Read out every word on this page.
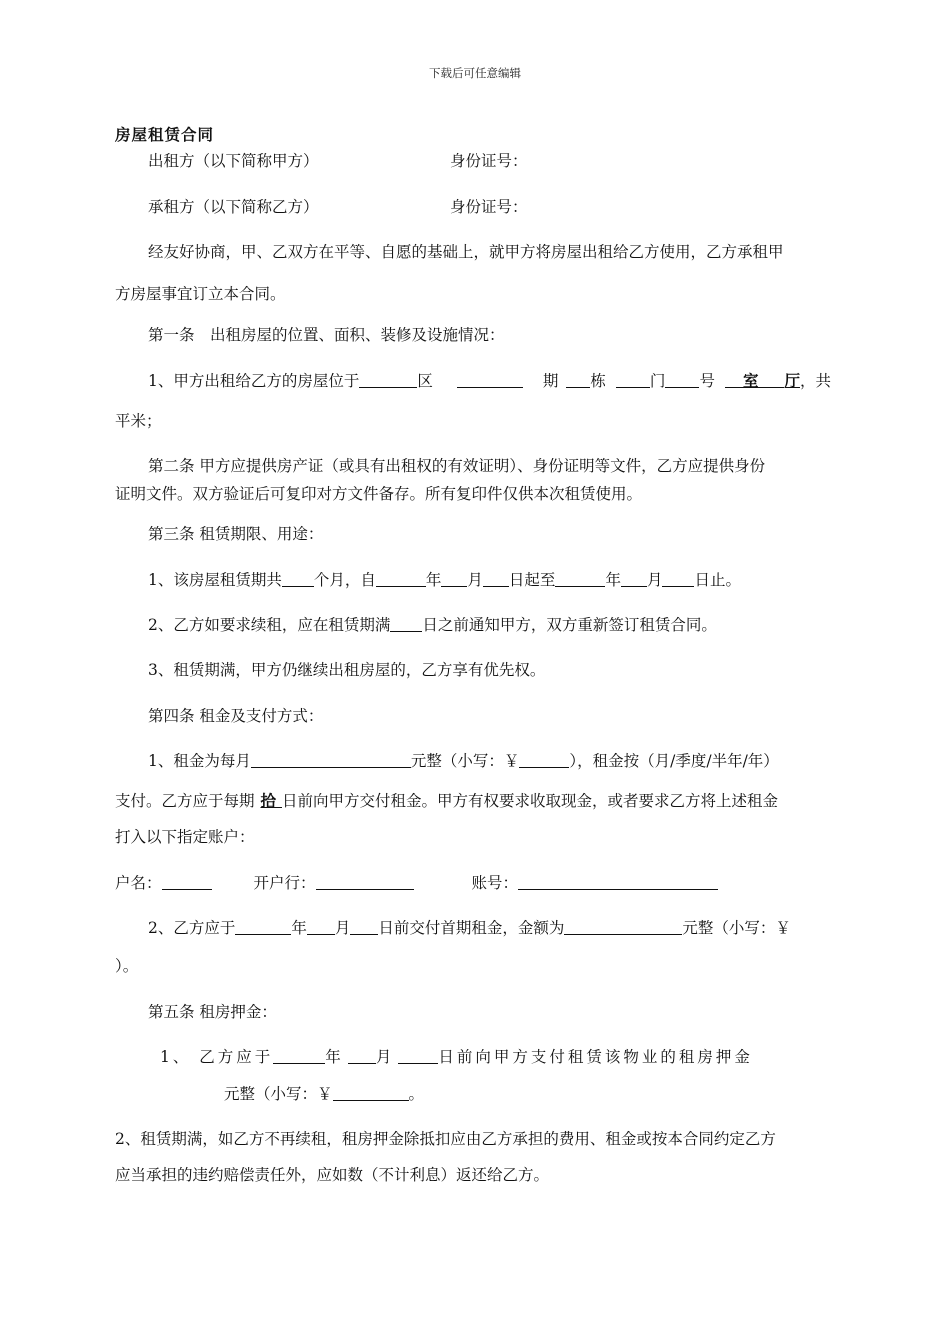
下载后可任意编辑
房屋租赁合同
出租方（以下简称甲方）	身份证号：
承租方（以下简称乙方）	身份证号：
经友好协商，甲、乙双方在平等、自愿的基础上，就甲方将房屋出租给乙方使用，乙方承租甲
方房屋事宜订立本合同。
第一条　出租房屋的位置、面积、装修及设施情况：
1、甲方出租给乙方的房屋位于	区	期 栋	门 号 室 厅，共
平米；
第二条 甲方应提供房产证（或具有出租权的有效证明）、身份证明等文件，乙方应提供身份
证明文件。双方验证后可复印对方文件备存。所有复印件仅供本次租赁使用。
第三条 租赁期限、用途：
1、该房屋租赁期共 个月，自	年 月 日起至	年 月 日止。
2、乙方如要求续租，应在租赁期满 日之前通知甲方，双方重新签订租赁合同。
3、租赁期满，甲方仍继续出租房屋的，乙方享有优先权。
第四条 租金及支付方式：
1、租金为每月	元整（小写：￥	），租金按（月/季度/半年/年）
支付。乙方应于每期 拾 日前向甲方交付租金。甲方有权要求收取现金，或者要求乙方将上述租金
打入以下指定账户：
户名：	开户行：	账号：
2、乙方应于	年 月 日前交付首期租金，金额为	元整（小写：￥
）。
第五条 租房押金：
1、 乙方应于	年 月	日前向甲方支付租赁该物业的租房押金
元整（小写：￥	。
2、租赁期满，如乙方不再续租，租房押金除抵扣应由乙方承担的费用、租金或按本合同约定乙方
应当承担的违约赔偿责任外，应如数（不计利息）返还给乙方。
